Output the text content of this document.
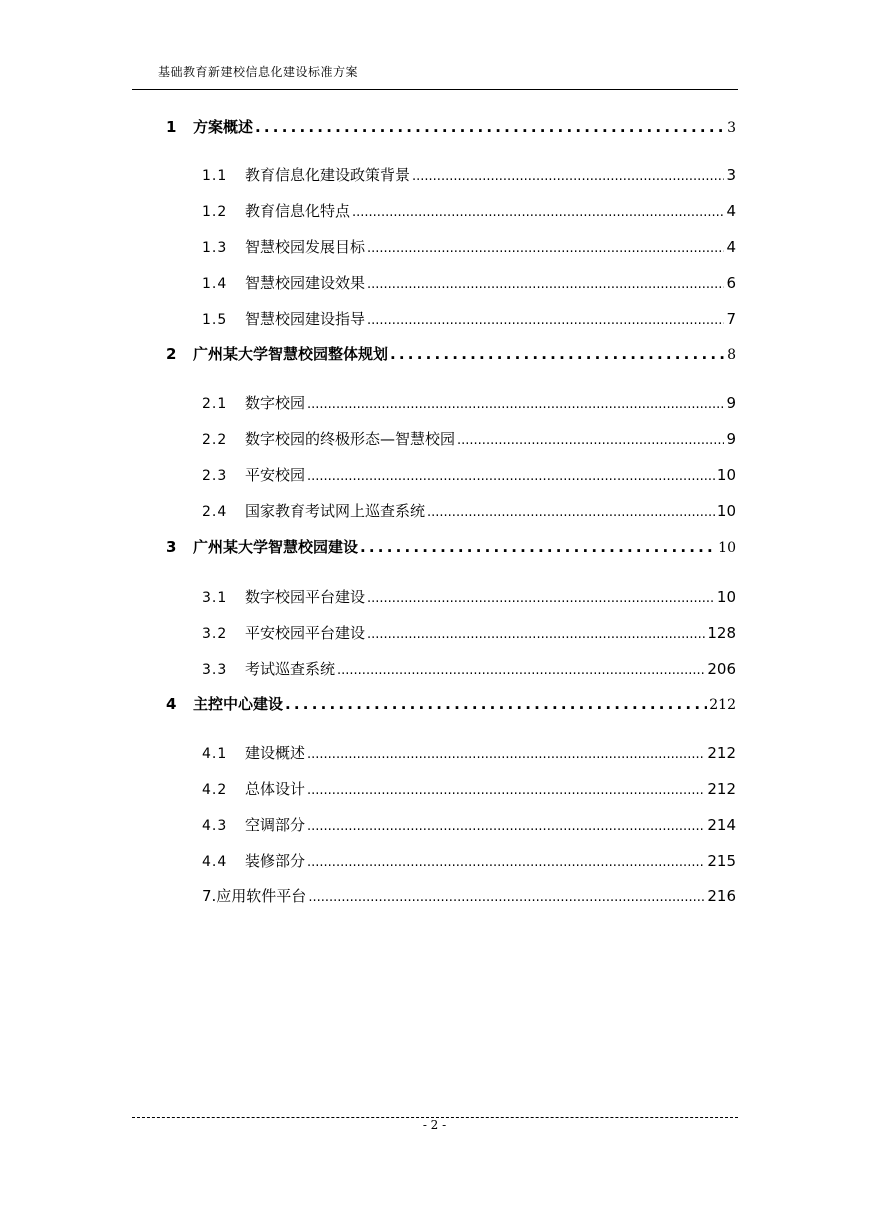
基础教育新建校信息化建设标准方案
1	方案概述 .....	3
1.1	教育信息化建设政策背景 .....	3
1.2	教育信息化特点 .....	4
1.3	智慧校园发展目标 .....	4
1.4	智慧校园建设效果 .....	6
1.5	智慧校园建设指导 .....	7
2	广州某大学智慧校园整体规划 .....	8
2.1	数字校园 .....	9
2.2	数字校园的终极形态—智慧校园 .....	9
2.3	平安校园 .....	10
2.4	国家教育考试网上巡查系统 .....	10
3	广州某大学智慧校园建设 .....	10
3.1	数字校园平台建设 .....	10
3.2	平安校园平台建设 .....	128
3.3	考试巡查系统 .....	206
4	主控中心建设 .....	212
4.1	建设概述 .....	212
4.2	总体设计 .....	212
4.3	空调部分 .....	214
4.4	装修部分 .....	215
7.应用软件平台 .....	216
- 2 -
